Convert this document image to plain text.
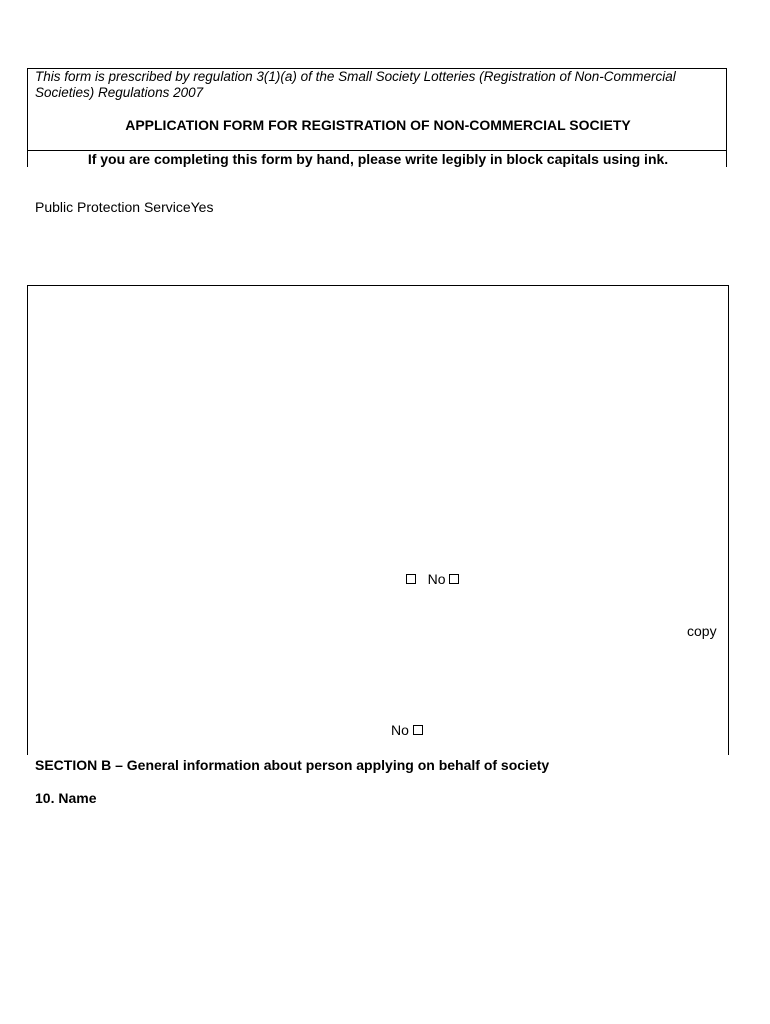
This form is prescribed by regulation 3(1)(a) of the Small Society Lotteries (Registration of Non-Commercial Societies) Regulations 2007
APPLICATION FORM FOR REGISTRATION OF NON-COMMERCIAL SOCIETY
If you are completing this form by hand, please write legibly in block capitals using ink.
Public Protection ServiceYes
No
copy
No
SECTION B – General information about person applying on behalf of society
10. Name
